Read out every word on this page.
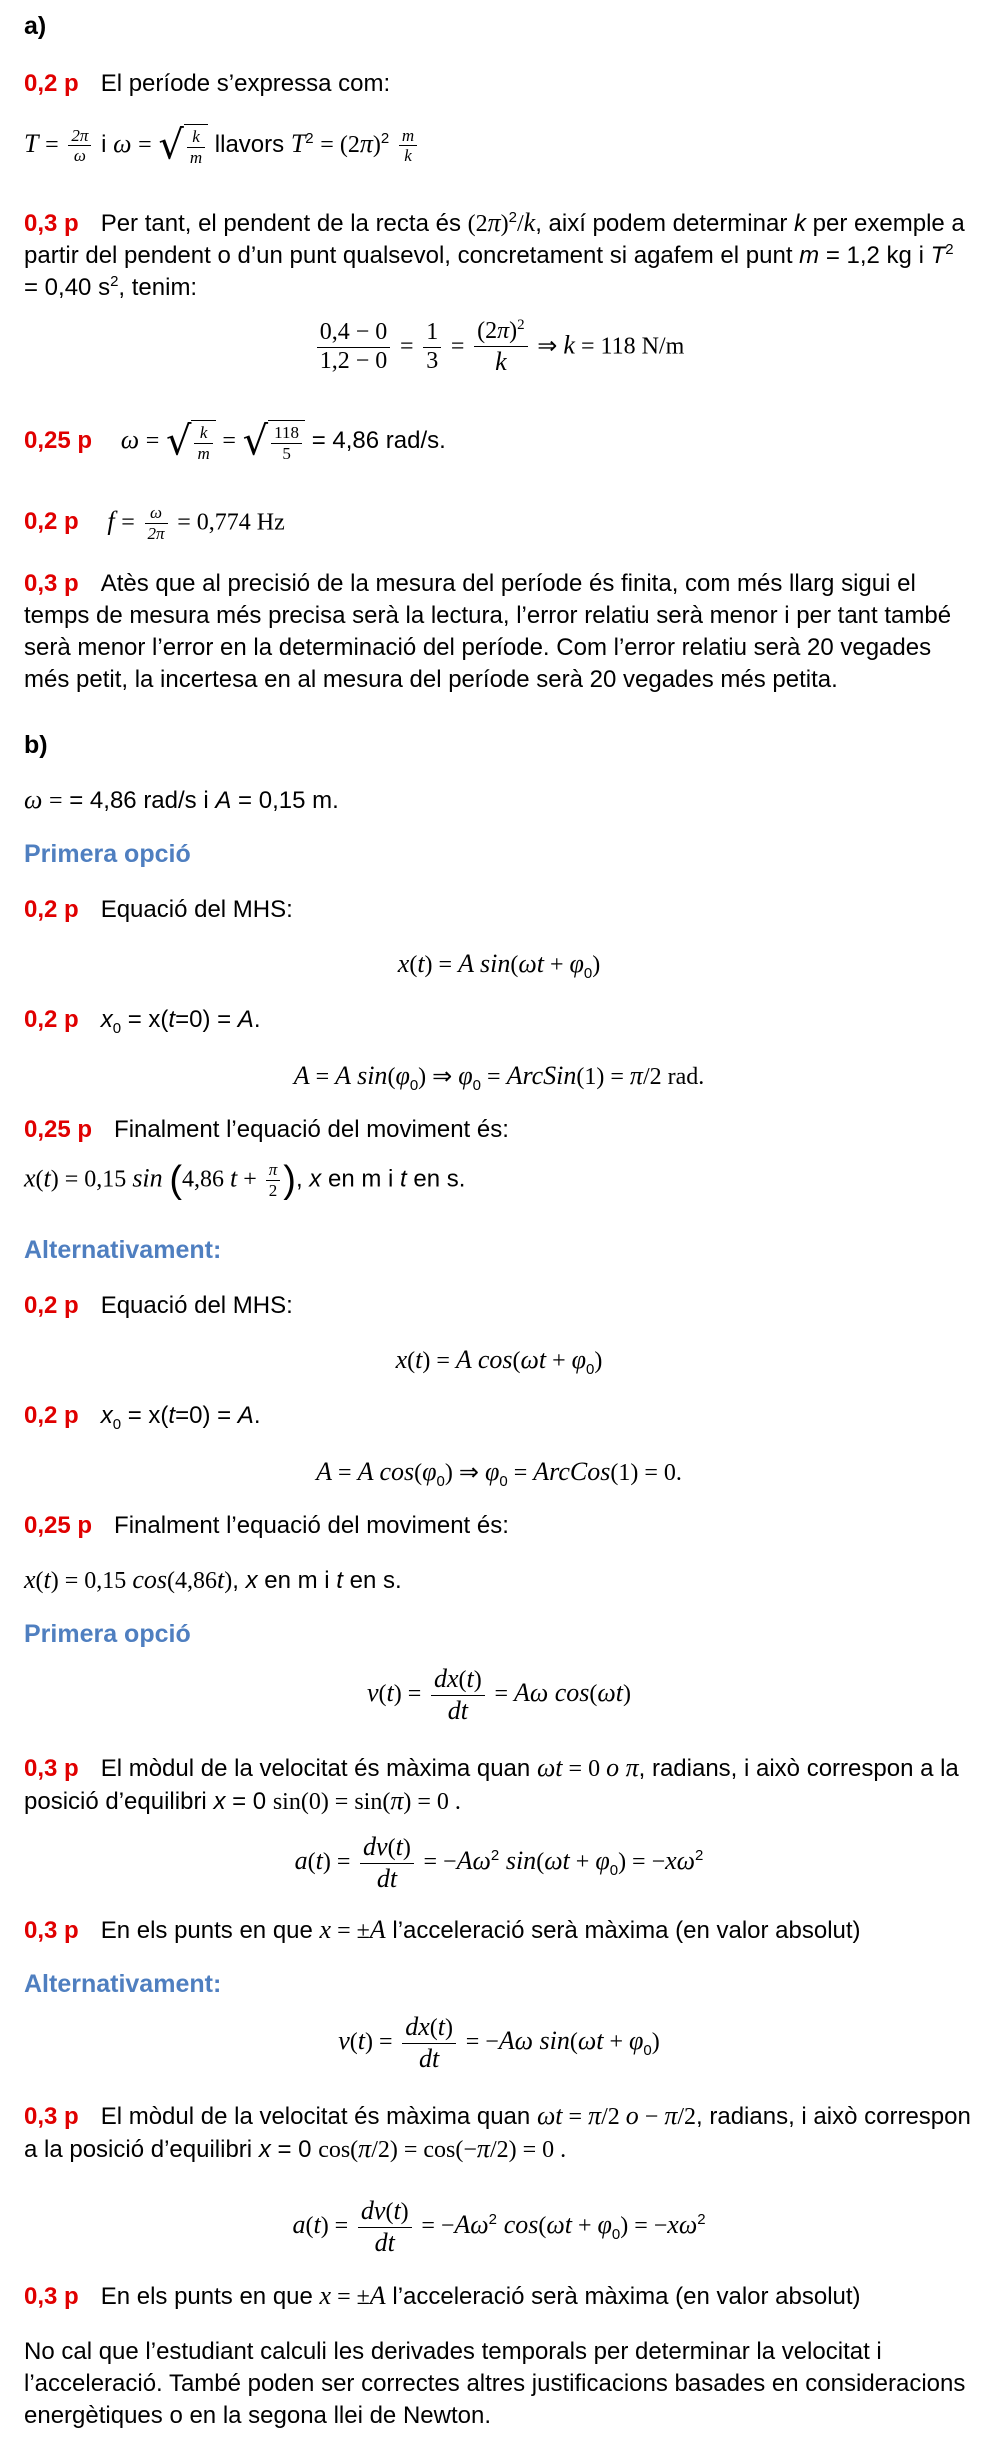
a)
0,2 p El període s’expressa com:
$T = \frac{2\pi}{\omega}$ i ω = √ $\frac{k}{m}$ llavors $T^2 = (2\pi)^2 \frac{m}{k}$
0,3 p Per tant, el pendent de la recta és $(2\pi)^2/k$, així podem determinar k per exemple a partir del pendent o d’un punt qualsevol, concretament si agafem el punt m = 1,2 kg i $T^2 = 0,40$ $s^2$, tenim:
$\frac{0,4 - 0}{1,2 - 0} = \frac{1}{3} = \frac{(2\pi)^2}{k}$ ⇒ k = 118 N/m
0,25 p ω = √ $\frac{k}{m}$ = √ $\frac{118}{5} = 4,86$ rad/s.
0,2 p $f = \frac{\omega}{2\pi} = 0,774$ Hz
0,3 p Atès que al precisió de la mesura del període és finita, com més llarg sigui el temps de mesura més precisa serà la lectura, l’error relatiu serà menor i per tant també serà menor l’error en la determinació del període. Com l’error relatiu serà 20 vegades més petit, la incertesa en al mesura del període serà 20 vegades més petita.
b)
ω = = 4,86 rad/s i A = 0,15 m.
Primera opció
0,2 p Equació del MHS:
x(t) = A $\sin(\omega t + \varphi_0)$
0,2 p $x_0 = x(t=0) = A$.
A = A $\sin(\varphi_0)$ ⇒ $\varphi_0$ = ArcSin(1) = π/2 rad.
0,25 p Finalment l’equació del moviment és:
x(t) = 0,15 sin (4,86 $t + \frac{\pi}{2}$ ), x en m i t en s.
Alternativament:
0,2 p Equació del MHS:
x(t) = A $\cos(\omega t + \varphi_0)$
0,2 p $x_0 = x(t=0) = A$.
A = A $\cos(\varphi_0)$ ⇒ $\varphi_0$ = ArcCos(1) = 0.
0,25 p Finalment l’equació del moviment és:
x(t) = 0,15 cos(4,86t), x en m i t en s.
Primera opció
$v(t) = \frac{dx(t)}{dt} = A\omega$ cos(ωt)
0,3 p El mòdul de la velocitat és màxima quan ωt = 0 o π, radians, i això correspon a la posició d’equilibri x = 0 sin(0) = sin(π) = 0 .
$a(t) = \frac{dv(t)}{dt} = -A\omega^2$ $\sin(\omega t + \varphi_0) = -x\omega^2$
0,3 p En els punts en que x = ±A l’acceleració serà màxima (en valor absolut)
Alternativament:
$v(t) = \frac{dx(t)}{dt} = -A\omega$ $\sin(\omega t + \varphi_0)$
0,3 p El mòdul de la velocitat és màxima quan ωt = π/2 o − π/2, radians, i això correspon a la posició d’equilibri x = 0 cos(π/2) = cos(−π/2) = 0 .
$a(t) = \frac{dv(t)}{dt} = -A\omega^2$ $\cos(\omega t + \varphi_0) = -x\omega^2$
0,3 p En els punts en que x = ±A l’acceleració serà màxima (en valor absolut)
No cal que l’estudiant calculi les derivades temporals per determinar la velocitat i l’acceleració. També poden ser correctes altres justificacions basades en consideracions energètiques o en la segona llei de Newton.
